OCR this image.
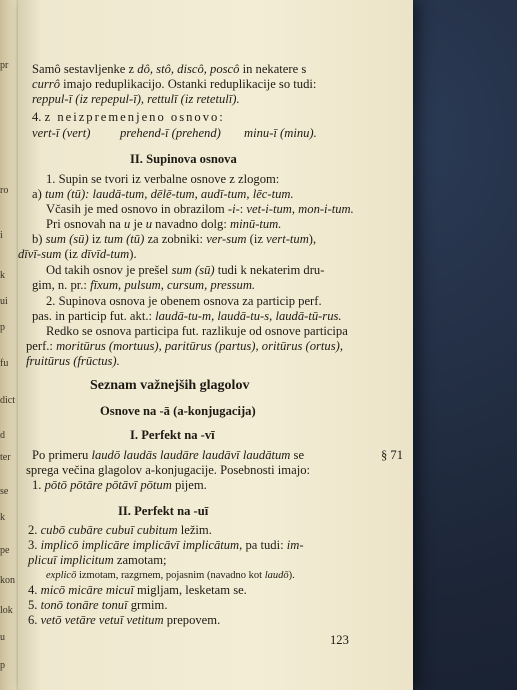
pr
ro
i
k
ui
p
fu
dict
d
ter
se
k
pe
kon
lok
u
p
Samô sestavljenke z dô, stô, discô, poscô in nekatere s
currô imajo reduplikacijo. Ostanki reduplikacije so tudi:
reppul-ī (iz repepul-ī), rettulī (iz retetulī).
4. z neizpremenjeno osnovo:
vert-ī (vert) prehend-ī (prehend) minu-ī (minu).
II. Supinova osnova
1. Supin se tvori iz verbalne osnove z zlogom:
a) tum (tū): laudā-tum, dēlē-tum, audī-tum, lēc-tum.
Včasih je med osnovo in obrazilom -i-: vet-i-tum, mon-i-tum.
Pri osnovah na u je u navadno dolg: minū-tum.
b) sum (sū) iz tum (tū) za zobniki: ver-sum (iz vert-tum),
dīvī-sum (iz dīvīd-tum).
Od takih osnov je prešel sum (sū) tudi k nekaterim dru-
gim, n. pr.: fīxum, pulsum, cursum, pressum.
2. Supinova osnova je obenem osnova za particip perf.
pas. in particip fut. akt.: laudā-tu-m, laudā-tu-s, laudā-tū-rus.
Redko se osnova participa fut. razlikuje od osnove participa
perf.: moritūrus (mortuus), paritūrus (partus), oritūrus (ortus),
fruitūrus (frūctus).
Seznam važnejših glagolov
Osnove na -ā (a-konjugacija)
I. Perfekt na -vī
Po primeru laudō laudās laudāre laudāvī laudātum se	§ 71
sprega večina glagolov a-konjugacije. Posebnosti imajo:
1. pōtō pōtāre pōtāvī pōtum pijem.
II. Perfekt na -uī
2. cubō cubāre cubuī cubitum ležim.
3. implicō implicāre implicāvī implicātum, pa tudi: im-
plicuī implicitum zamotam;
explicō izmotam, razgrnem, pojasnim (navadno kot laudō).
4. micō micāre micuī migljam, lesketam se.
5. tonō tonāre tonuī grmim.
6. vetō vetāre vetuī vetitum prepovem.
123
